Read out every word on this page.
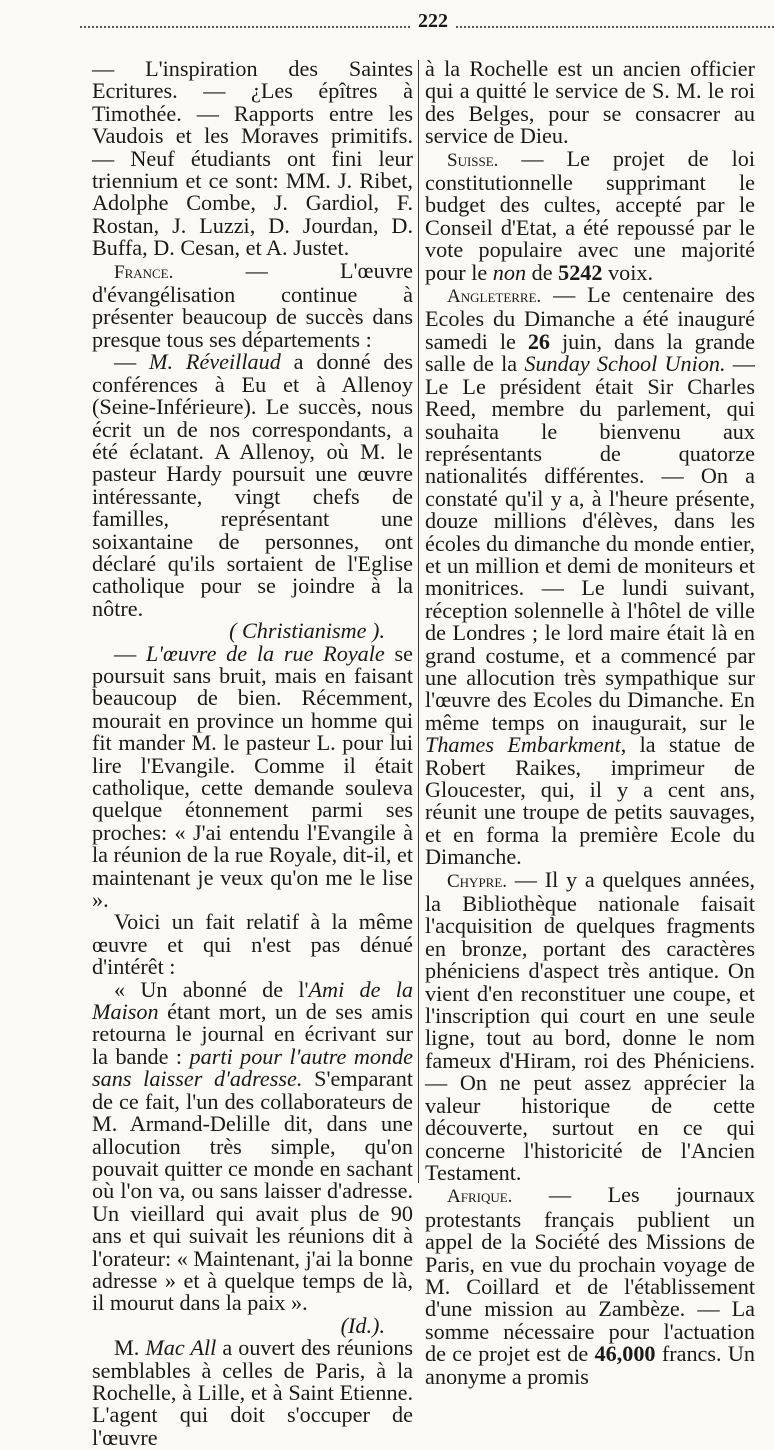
222

— L'inspiration des Saintes Ecritures. — ¿Les épîtres à Timothée. — Rapports entre les Vaudois et les Moraves primitifs. — Neuf étudiants ont fini leur triennium et ce sont: MM. J. Ribet, Adolphe Combe, J. Gardiol, F. Rostan, J. Luzzi, D. Jourdan, D. Buffa, D. Cesan, et A. Justet.

France. — L'œuvre d'évangélisation continue à présenter beaucoup de succès dans presque tous ses départements :

— M. Réveillaud a donné des conférences à Eu et à Allenoy (Seine-Inférieure). Le succès, nous écrit un de nos correspondants, a été éclatant. A Allenoy, où M. le pasteur Hardy poursuit une œuvre intéressante, vingt chefs de familles, représentant une soixantaine de personnes, ont déclaré qu'ils sortaient de l'Eglise catholique pour se joindre à la nôtre.

( Christianisme ).

— L'œuvre de la rue Royale se poursuit sans bruit, mais en faisant beaucoup de bien. Récemment, mourait en province un homme qui fit mander M. le pasteur L. pour lui lire l'Evangile. Comme il était catholique, cette demande souleva quelque étonnement parmi ses proches: « J'ai entendu l'Evangile à la réunion de la rue Royale, dit-il, et maintenant je veux qu'on me le lise ».

Voici un fait relatif à la même œuvre et qui n'est pas dénué d'intérêt :

« Un abonné de l'Ami de la Maison étant mort, un de ses amis retourna le journal en écrivant sur la bande : parti pour l'autre monde sans laisser d'adresse. S'emparant de ce fait, l'un des collaborateurs de M. Armand-Delille dit, dans une allocution très simple, qu'on pouvait quitter ce monde en sachant où l'on va, ou sans laisser d'adresse. Un vieillard qui avait plus de 90 ans et qui suivait les réunions dit à l'orateur: « Maintenant, j'ai la bonne adresse » et à quelque temps de là, il mourut dans la paix ».

(Id.).

M. Mac All a ouvert des réunions semblables à celles de Paris, à la Rochelle, à Lille, et à Saint Etienne. L'agent qui doit s'occuper de l'œuvre

à la Rochelle est un ancien officier qui a quitté le service de S. M. le roi des Belges, pour se consacrer au service de Dieu.

Suisse. — Le projet de loi constitutionnelle supprimant le budget des cultes, accepté par le Conseil d'Etat, a été repoussé par le vote populaire avec une majorité pour le non de 5242 voix.

Angleterre. — Le centenaire des Ecoles du Dimanche a été inauguré samedi le 26 juin, dans la grande salle de la Sunday School Union. — Le Le président était Sir Charles Reed, membre du parlement, qui souhaita le bienvenu aux représentants de quatorze nationalités différentes. — On a constaté qu'il y a, à l'heure présente, douze millions d'élèves, dans les écoles du dimanche du monde entier, et un million et demi de moniteurs et monitrices. — Le lundi suivant, réception solennelle à l'hôtel de ville de Londres ; le lord maire était là en grand costume, et a commencé par une allocution très sympathique sur l'œuvre des Ecoles du Dimanche. En même temps on inaugurait, sur le Thames Embarkment, la statue de Robert Raikes, imprimeur de Gloucester, qui, il y a cent ans, réunit une troupe de petits sauvages, et en forma la première Ecole du Dimanche.

Chypre. — Il y a quelques années, la Bibliothèque nationale faisait l'acquisition de quelques fragments en bronze, portant des caractères phéniciens d'aspect très antique. On vient d'en reconstituer une coupe, et l'inscription qui court en une seule ligne, tout au bord, donne le nom fameux d'Hiram, roi des Phéniciens. — On ne peut assez apprécier la valeur historique de cette découverte, surtout en ce qui concerne l'historicité de l'Ancien Testament.

Afrique. — Les journaux protestants français publient un appel de la Société des Missions de Paris, en vue du prochain voyage de M. Coillard et de l'établissement d'une mission au Zambèze. — La somme nécessaire pour l'actuation de ce projet est de 46,000 francs. Un anonyme a promis
